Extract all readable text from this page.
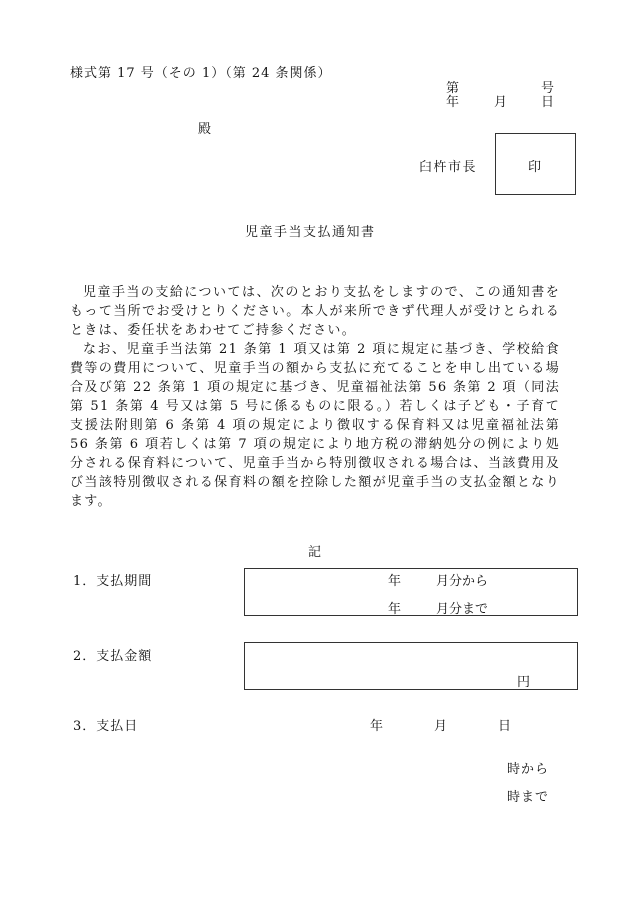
様式第 17 号（その 1）（第 24 条関係）
第	号
年	月	日
殿
臼杵市長	印
児童手当支払通知書

児童手当の支給については、次のとおり支払をしますので、この通知書をもって当所でお受けとりください。本人が来所できず代理人が受けとられるときは、委任状をあわせてご持参ください。

なお、児童手当法第 21 条第 1 項又は第 2 項に規定に基づき、学校給食費等の費用について、児童手当の額から支払に充てることを申し出ている場合及び第 22 条第 1 項の規定に基づき、児童福祉法第 56 条第 2 項（同法第 51 条第 4 号又は第 5 号に係るものに限る。）若しくは子ども・子育て支援法附則第 6 条第 4 項の規定により徴収する保育料又は児童福祉法第 56 条第 6 項若しくは第 7 項の規定により地方税の滞納処分の例により処分される保育料について、児童手当から特別徴収される場合は、当該費用及び当該特別徴収される保育料の額を控除した額が児童手当の支払金額となります。

記
1．支払期間	年	月分から
年	月分まで
2．支払金額
円
3．支払日	年	月	日
時から
時まで
